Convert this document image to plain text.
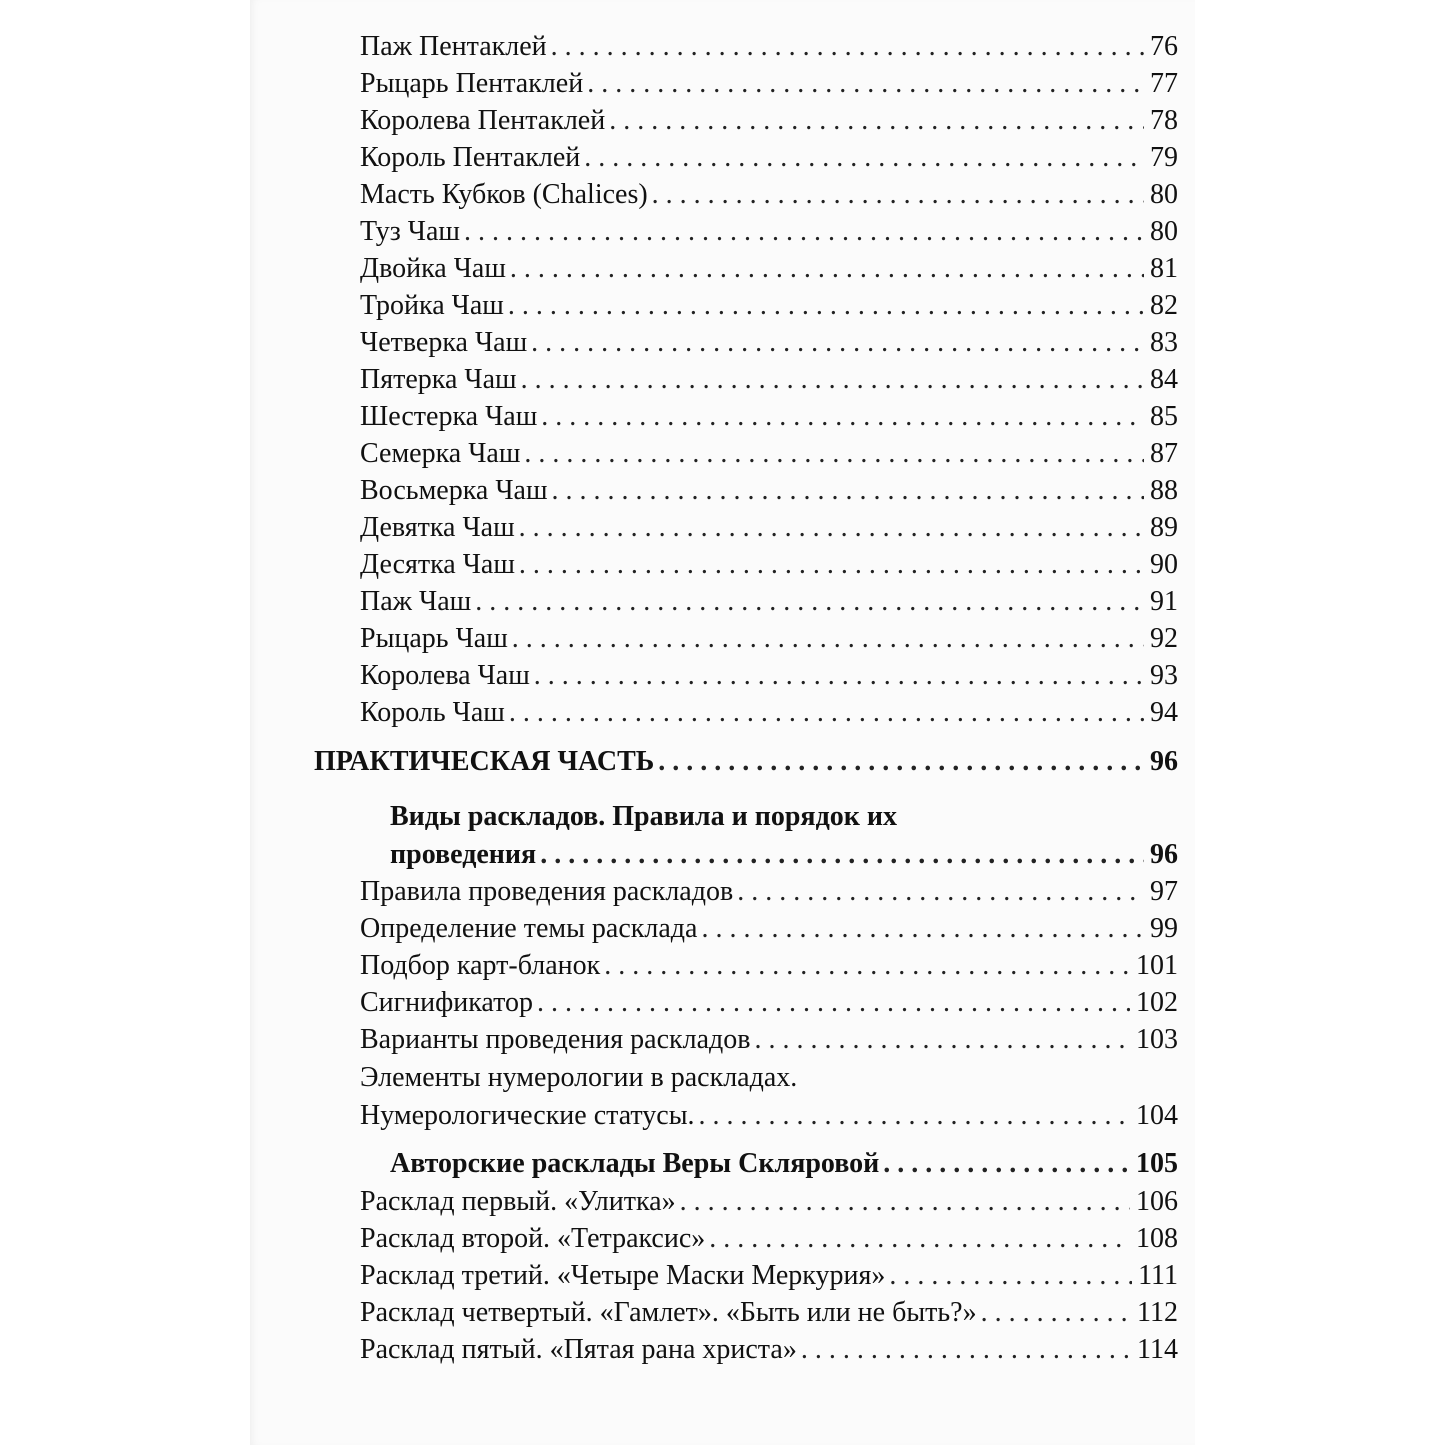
Паж Пентаклей . . .	76
Рыцарь Пентаклей . . .	77
Королева Пентаклей . . .	78
Король Пентаклей . . .	79
Масть Кубков (Chalices) . . .	80
Туз Чаш . . .	80
Двойка Чаш . . .	81
Тройка Чаш . . .	82
Четверка Чаш . . .	83
Пятерка Чаш . . .	84
Шестерка Чаш . . .	85
Семерка Чаш . . .	87
Восьмерка Чаш . . .	88
Девятка Чаш . . .	89
Десятка Чаш . . .	90
Паж Чаш . . .	91
Рыцарь Чаш . . .	92
Королева Чаш . . .	93
Король Чаш . . .	94
ПРАКТИЧЕСКАЯ ЧАСТЬ . . .	96
Виды раскладов. Правила и порядок их
проведения . . .	96
Правила проведения раскладов . . .	97
Определение темы расклада . . .	99
Подбор карт-бланок . . .	101
Сигнификатор . . .	102
Варианты проведения раскладов . . .	103
Элементы нумерологии в раскладах.
Нумерологические статусы. . . .	104
Авторские расклады Веры Скляровой . . .	105
Расклад первый. «Улитка» . . .	106
Расклад второй. «Тетраксис» . . .	108
Расклад третий. «Четыре Маски Меркурия» . . .	111
Расклад четвертый. «Гамлет». «Быть или не быть?» . . .	112
Расклад пятый. «Пятая рана христа» . . .	114
